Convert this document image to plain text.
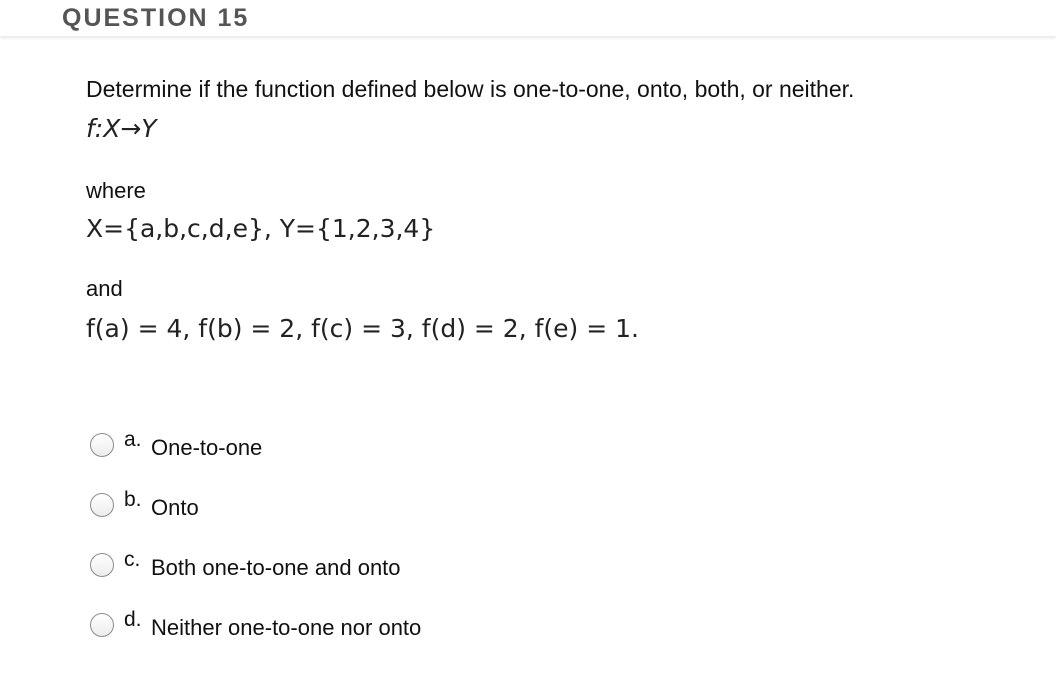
QUESTION 15
Determine if the function defined below is one-to-one, onto, both, or neither.
f:X→Y
where
X={a,b,c,d,e}, Y={1,2,3,4}
and
f(a) = 4, f(b) = 2, f(c) = 3, f(d) = 2, f(e) = 1.
a. One-to-one
b. Onto
c. Both one-to-one and onto
d. Neither one-to-one nor onto
